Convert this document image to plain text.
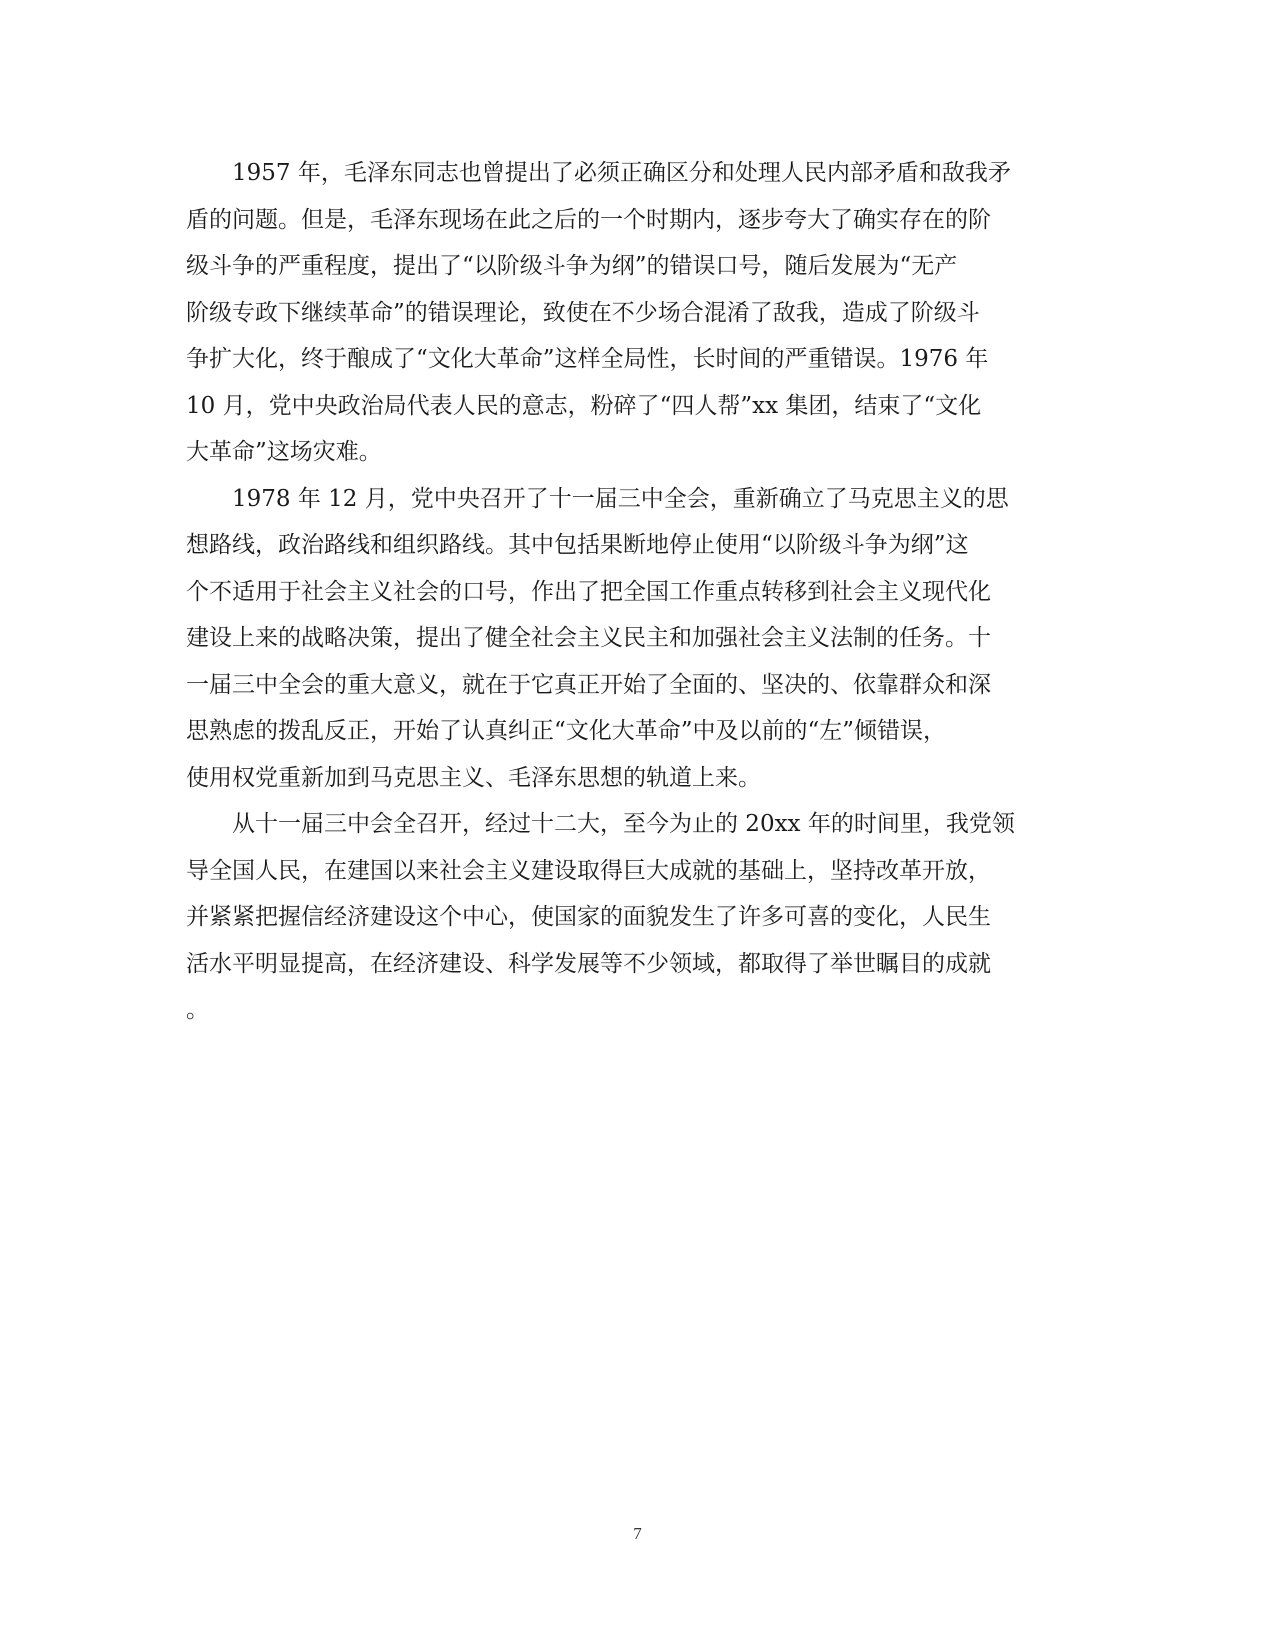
1957 年，毛泽东同志也曾提出了必须正确区分和处理人民内部矛盾和敌我矛
盾的问题。但是，毛泽东现场在此之后的一个时期内，逐步夸大了确实存在的阶
级斗争的严重程度，提出了“以阶级斗争为纲”的错误口号，随后发展为“无产
阶级专政下继续革命”的错误理论，致使在不少场合混淆了敌我，造成了阶级斗
争扩大化，终于酿成了“文化大革命”这样全局性，长时间的严重错误。1976 年
10 月，党中央政治局代表人民的意志，粉碎了“四人帮”xx 集团，结束了“文化
大革命”这场灾难。
1978 年 12 月，党中央召开了十一届三中全会，重新确立了马克思主义的思
想路线，政治路线和组织路线。其中包括果断地停止使用“以阶级斗争为纲”这
个不适用于社会主义社会的口号，作出了把全国工作重点转移到社会主义现代化
建设上来的战略决策，提出了健全社会主义民主和加强社会主义法制的任务。十
一届三中全会的重大意义，就在于它真正开始了全面的、坚决的、依靠群众和深
思熟虑的拨乱反正，开始了认真纠正“文化大革命”中及以前的“左”倾错误，
使用权党重新加到马克思主义、毛泽东思想的轨道上来。
从十一届三中会全召开，经过十二大，至今为止的 20xx 年的时间里，我党领
导全国人民，在建国以来社会主义建设取得巨大成就的基础上，坚持改革开放，
并紧紧把握信经济建设这个中心，使国家的面貌发生了许多可喜的变化，人民生
活水平明显提高，在经济建设、科学发展等不少领域，都取得了举世瞩目的成就
。
7
